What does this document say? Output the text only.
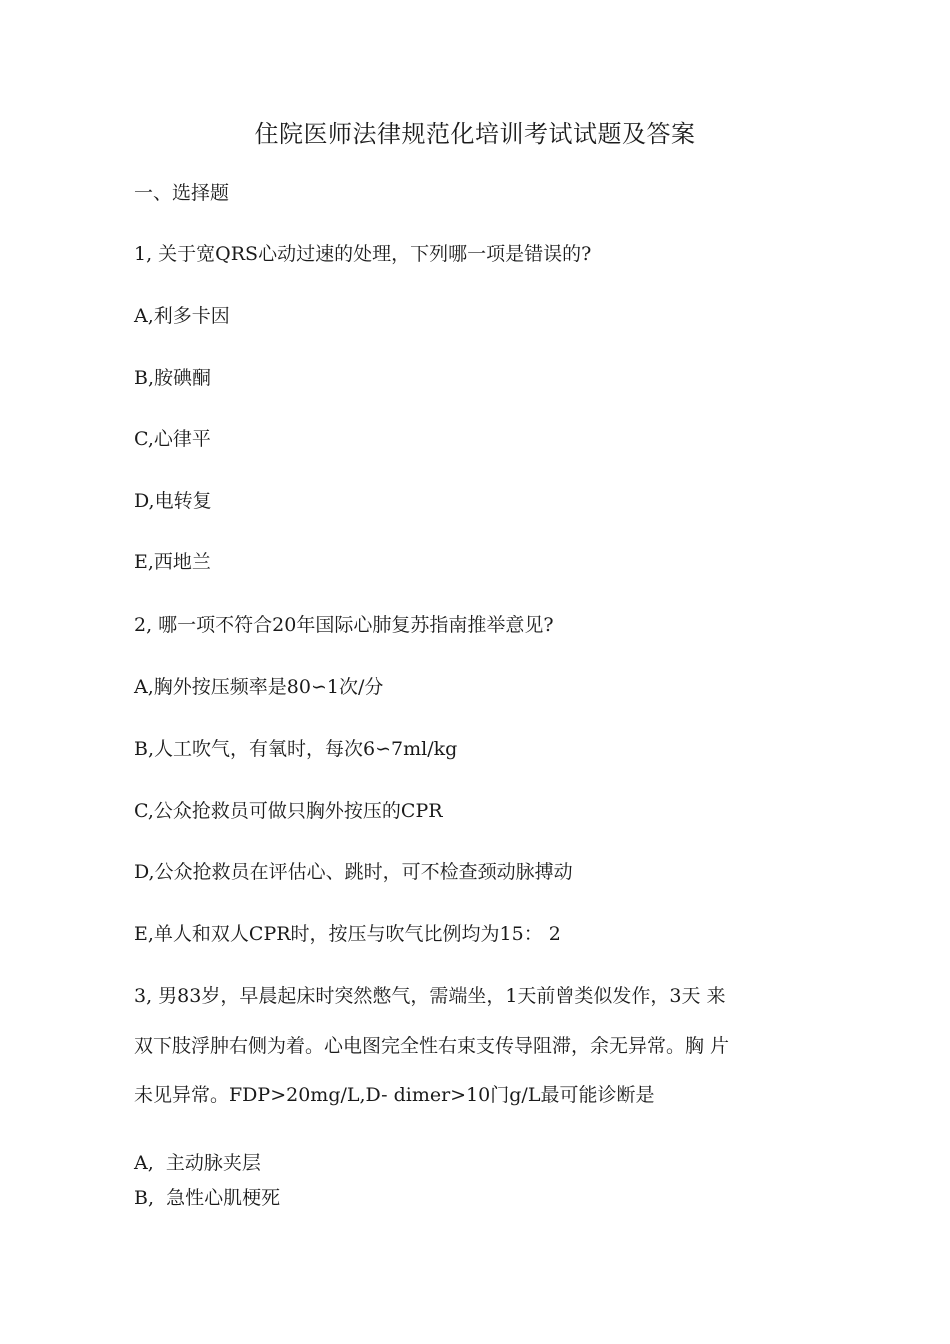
住院医师法律规范化培训考试试题及答案
一、选择题
1, 关于宽QRS心动过速的处理，下列哪一项是错误的?
A,利多卡因
B,胺碘酮
C,心律平
D,电转复
E,西地兰
2, 哪一项不符合20年国际心肺复苏指南推举意见?
A,胸外按压频率是80∽1次/分
B,人工吹气，有氧时，每次6∽7ml/kg
C,公众抢救员可做只胸外按压的CPR
D,公众抢救员在评估心、跳时，可不检查颈动脉搏动
E,单人和双人CPR时，按压与吹气比例均为15： 2
3, 男83岁，早晨起床时突然憋气，需端坐，1天前曾类似发作，3天 来
双下肢浮肿右侧为着。心电图完全性右束支传导阻滞，余无异常。胸 片
未见异常。FDP>20mg/L,D- dimer>10门g/L最可能诊断是
A,  主动脉夹层
B,  急性心肌梗死
